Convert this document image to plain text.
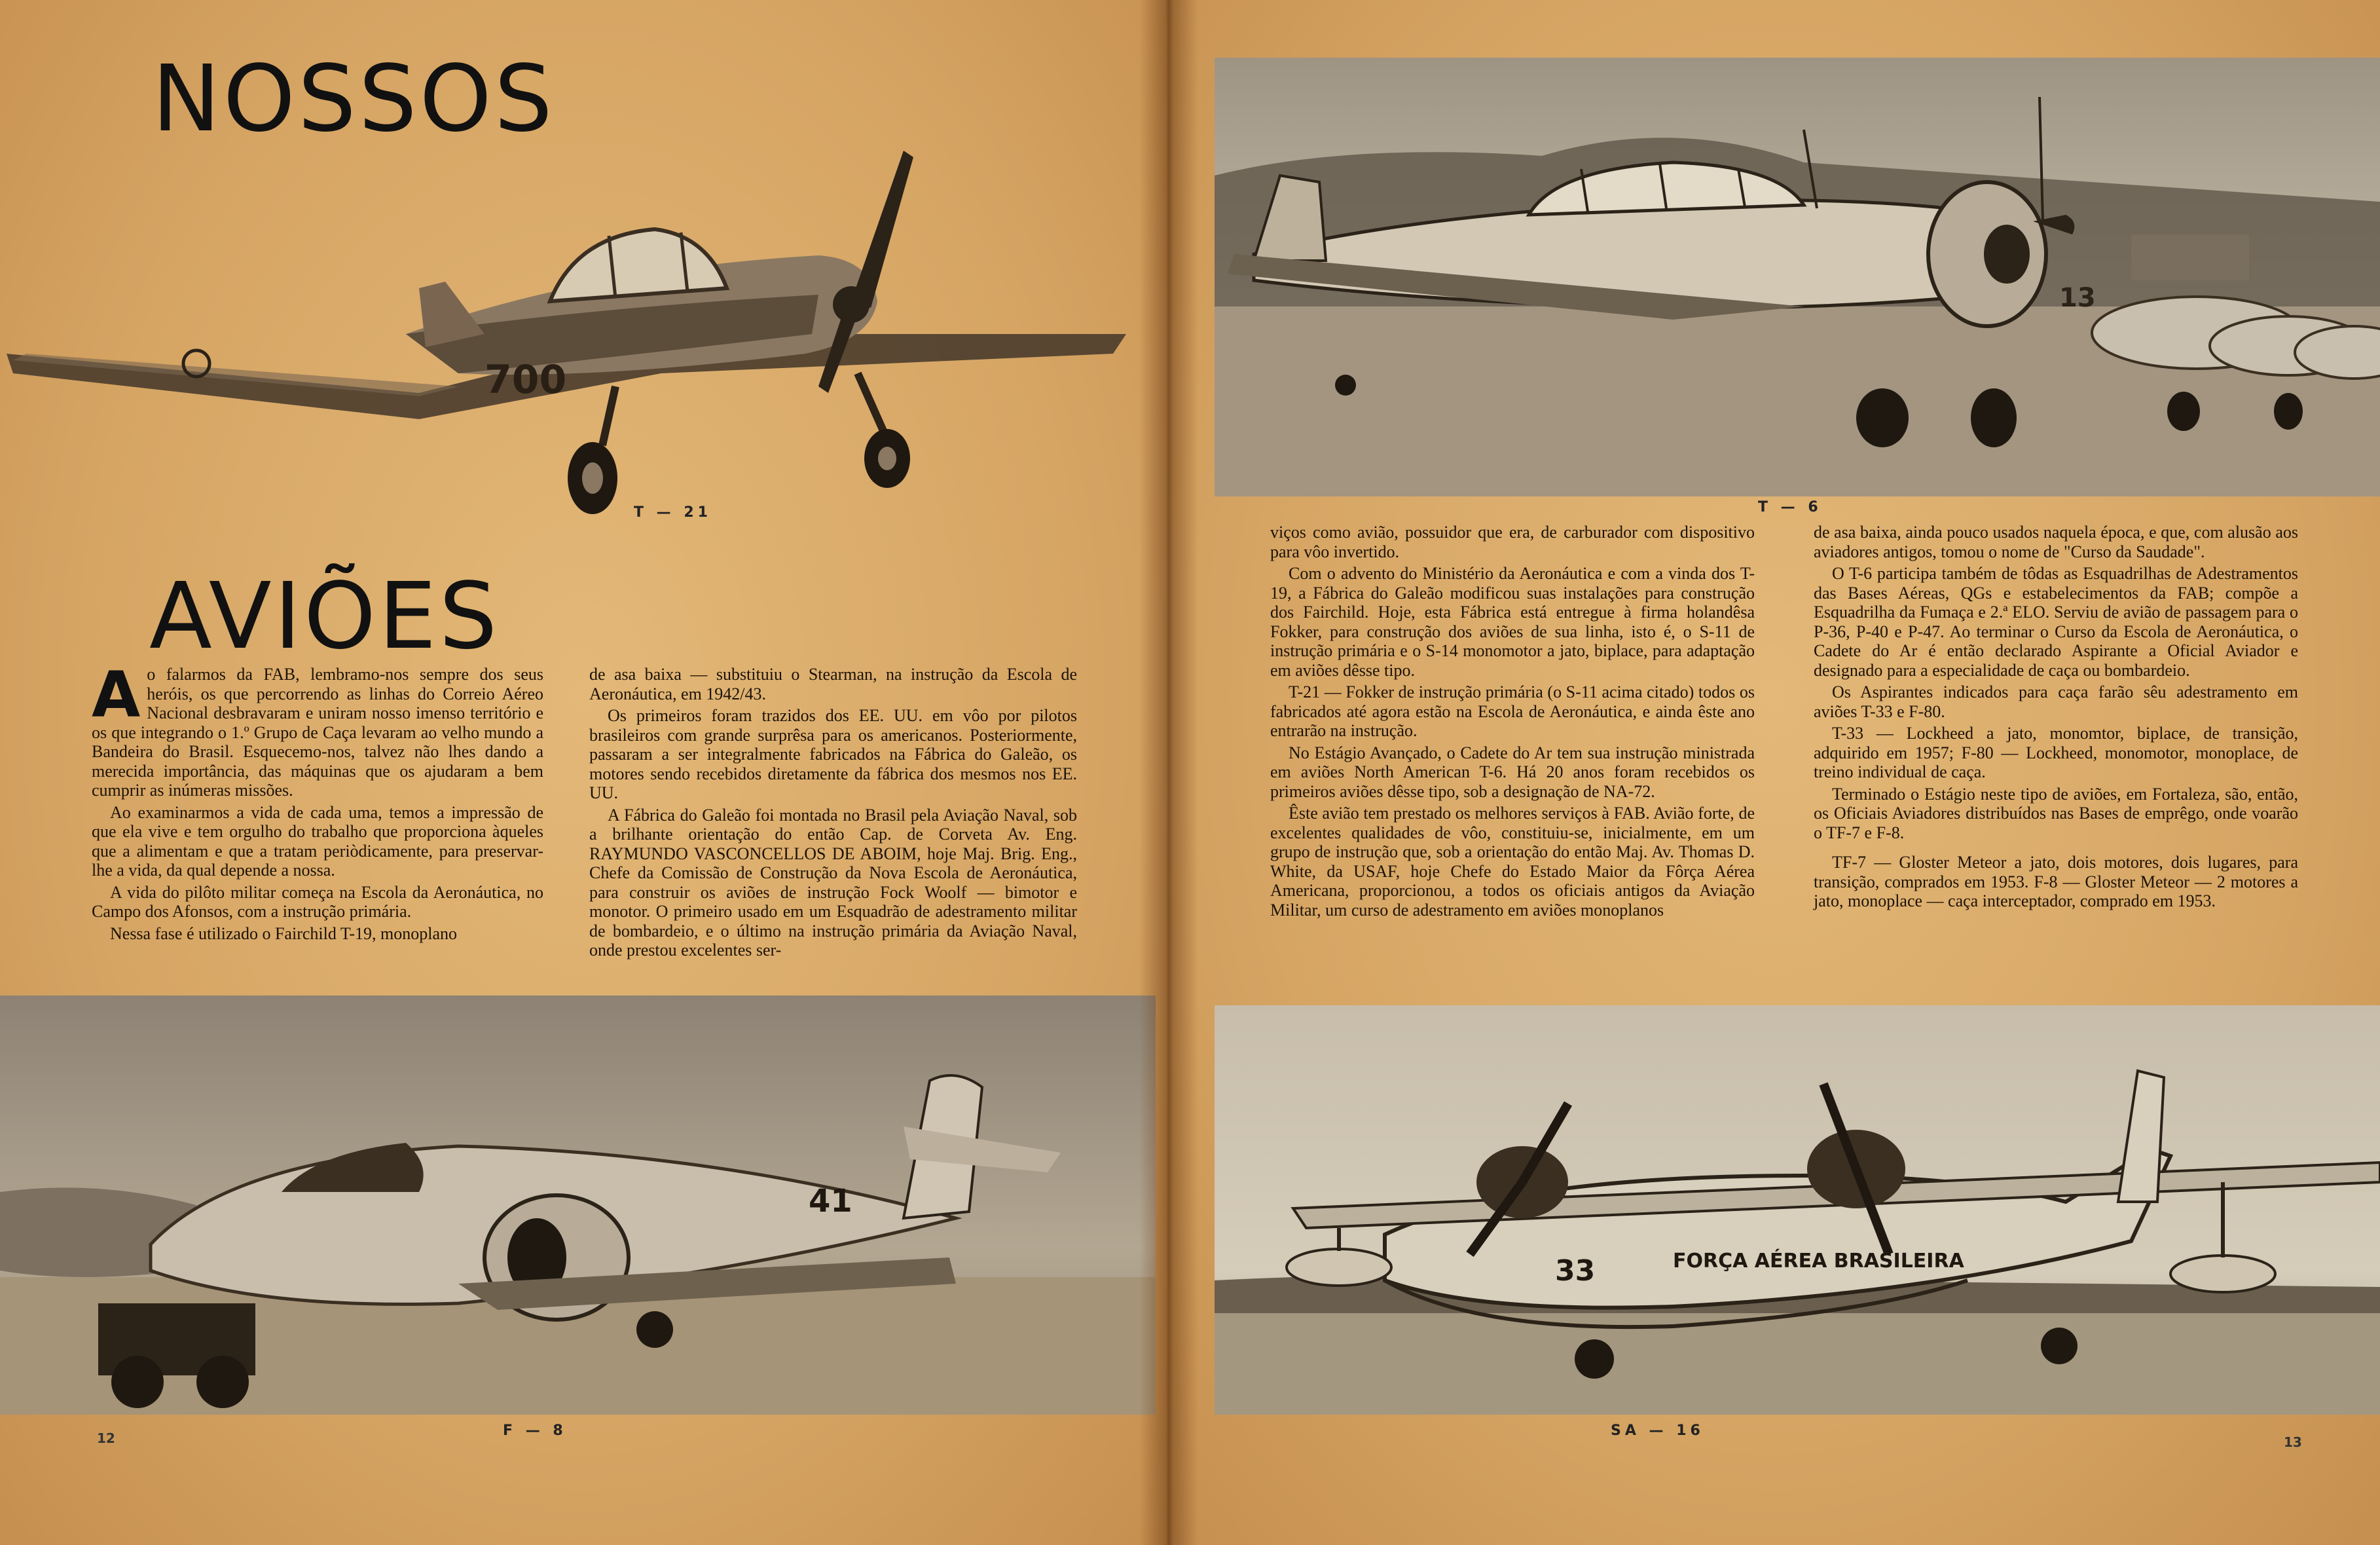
NOSSOS
700
T — 21
AVIÕES

Ao falarmos da FAB, lembramo-nos sempre dos seus heróis, os que percorrendo as linhas do Correio Aéreo Nacional desbravaram e uniram nosso imenso território e os que integrando o 1.º Grupo de Caça levaram ao velho mundo a Bandeira do Brasil. Esquecemo-nos, talvez não lhes dando a merecida importância, das máquinas que os ajudaram a bem cumprir as inúmeras missões.

Ao examinarmos a vida de cada uma, temos a impressão de que ela vive e tem orgulho do trabalho que proporciona àqueles que a alimentam e que a tratam periòdicamente, para preservar-lhe a vida, da qual depende a nossa.

A vida do pilôto militar começa na Escola da Aeronáutica, no Campo dos Afonsos, com a instrução primária.

Nessa fase é utilizado o Fairchild T-19, monoplano

de asa baixa — substituiu o Stearman, na instrução da Escola de Aeronáutica, em 1942/43.

Os primeiros foram trazidos dos EE. UU. em vôo por pilotos brasileiros com grande surprêsa para os americanos. Posteriormente, passaram a ser integralmente fabricados na Fábrica do Galeão, os motores sendo recebidos diretamente da fábrica dos mesmos nos EE. UU.

A Fábrica do Galeão foi montada no Brasil pela Aviação Naval, sob a brilhante orientação do então Cap. de Corveta Av. Eng. RAYMUNDO VASCONCELLOS DE ABOIM, hoje Maj. Brig. Eng., Chefe da Comissão de Construção da Nova Escola de Aeronáutica, para construir os aviões de instrução Fock Woolf — bimotor e monotor. O primeiro usado em um Esquadrão de adestramento militar de bombardeio, e o último na instrução primária da Aviação Naval, onde prestou excelentes ser-

41
F — 8
12
13
T — 6

viços como avião, possuidor que era, de carburador com dispositivo para vôo invertido.

Com o advento do Ministério da Aeronáutica e com a vinda dos T-19, a Fábrica do Galeão modificou suas instalações para construção dos Fairchild. Hoje, esta Fábrica está entregue à firma holandêsa Fokker, para construção dos aviões de sua linha, isto é, o S-11 de instrução primária e o S-14 monomotor a jato, biplace, para adaptação em aviões dêsse tipo.

T-21 — Fokker de instrução primária (o S-11 acima citado) todos os fabricados até agora estão na Escola de Aeronáutica, e ainda êste ano entrarão na instrução.

No Estágio Avançado, o Cadete do Ar tem sua instrução ministrada em aviões North American T-6. Há 20 anos foram recebidos os primeiros aviões dêsse tipo, sob a designação de NA-72.

Êste avião tem prestado os melhores serviços à FAB. Avião forte, de excelentes qualidades de vôo, constituiu-se, inicialmente, em um grupo de instrução que, sob a orientação do então Maj. Av. Thomas D. White, da USAF, hoje Chefe do Estado Maior da Fôrça Aérea Americana, proporcionou, a todos os oficiais antigos da Aviação Militar, um curso de adestramento em aviões monoplanos

de asa baixa, ainda pouco usados naquela época, e que, com alusão aos aviadores antigos, tomou o nome de "Curso da Saudade".

O T-6 participa também de tôdas as Esquadrilhas de Adestramentos das Bases Aéreas, QGs e estabelecimentos da FAB; compõe a Esquadrilha da Fumaça e 2.ª ELO. Serviu de avião de passagem para o P-36, P-40 e P-47. Ao terminar o Curso da Escola de Aeronáutica, o Cadete do Ar é então declarado Aspirante a Oficial Aviador e designado para a especialidade de caça ou bombardeio.

Os Aspirantes indicados para caça farão sêu adestramento em aviões T-33 e F-80.

T-33 — Lockheed a jato, monomtor, biplace, de transição, adquirido em 1957; F-80 — Lockheed, monomotor, monoplace, de treino individual de caça.

Terminado o Estágio neste tipo de aviões, em Fortaleza, são, então, os Oficiais Aviadores distribuídos nas Bases de emprêgo, onde voarão o TF-7 e F-8.

TF-7 — Gloster Meteor a jato, dois motores, dois lugares, para transição, comprados em 1953. F-8 — Gloster Meteor — 2 motores a jato, monoplace — caça interceptador, comprado em 1953.

33	FORÇA AÉREA BRASILEIRA
SA — 16
13
